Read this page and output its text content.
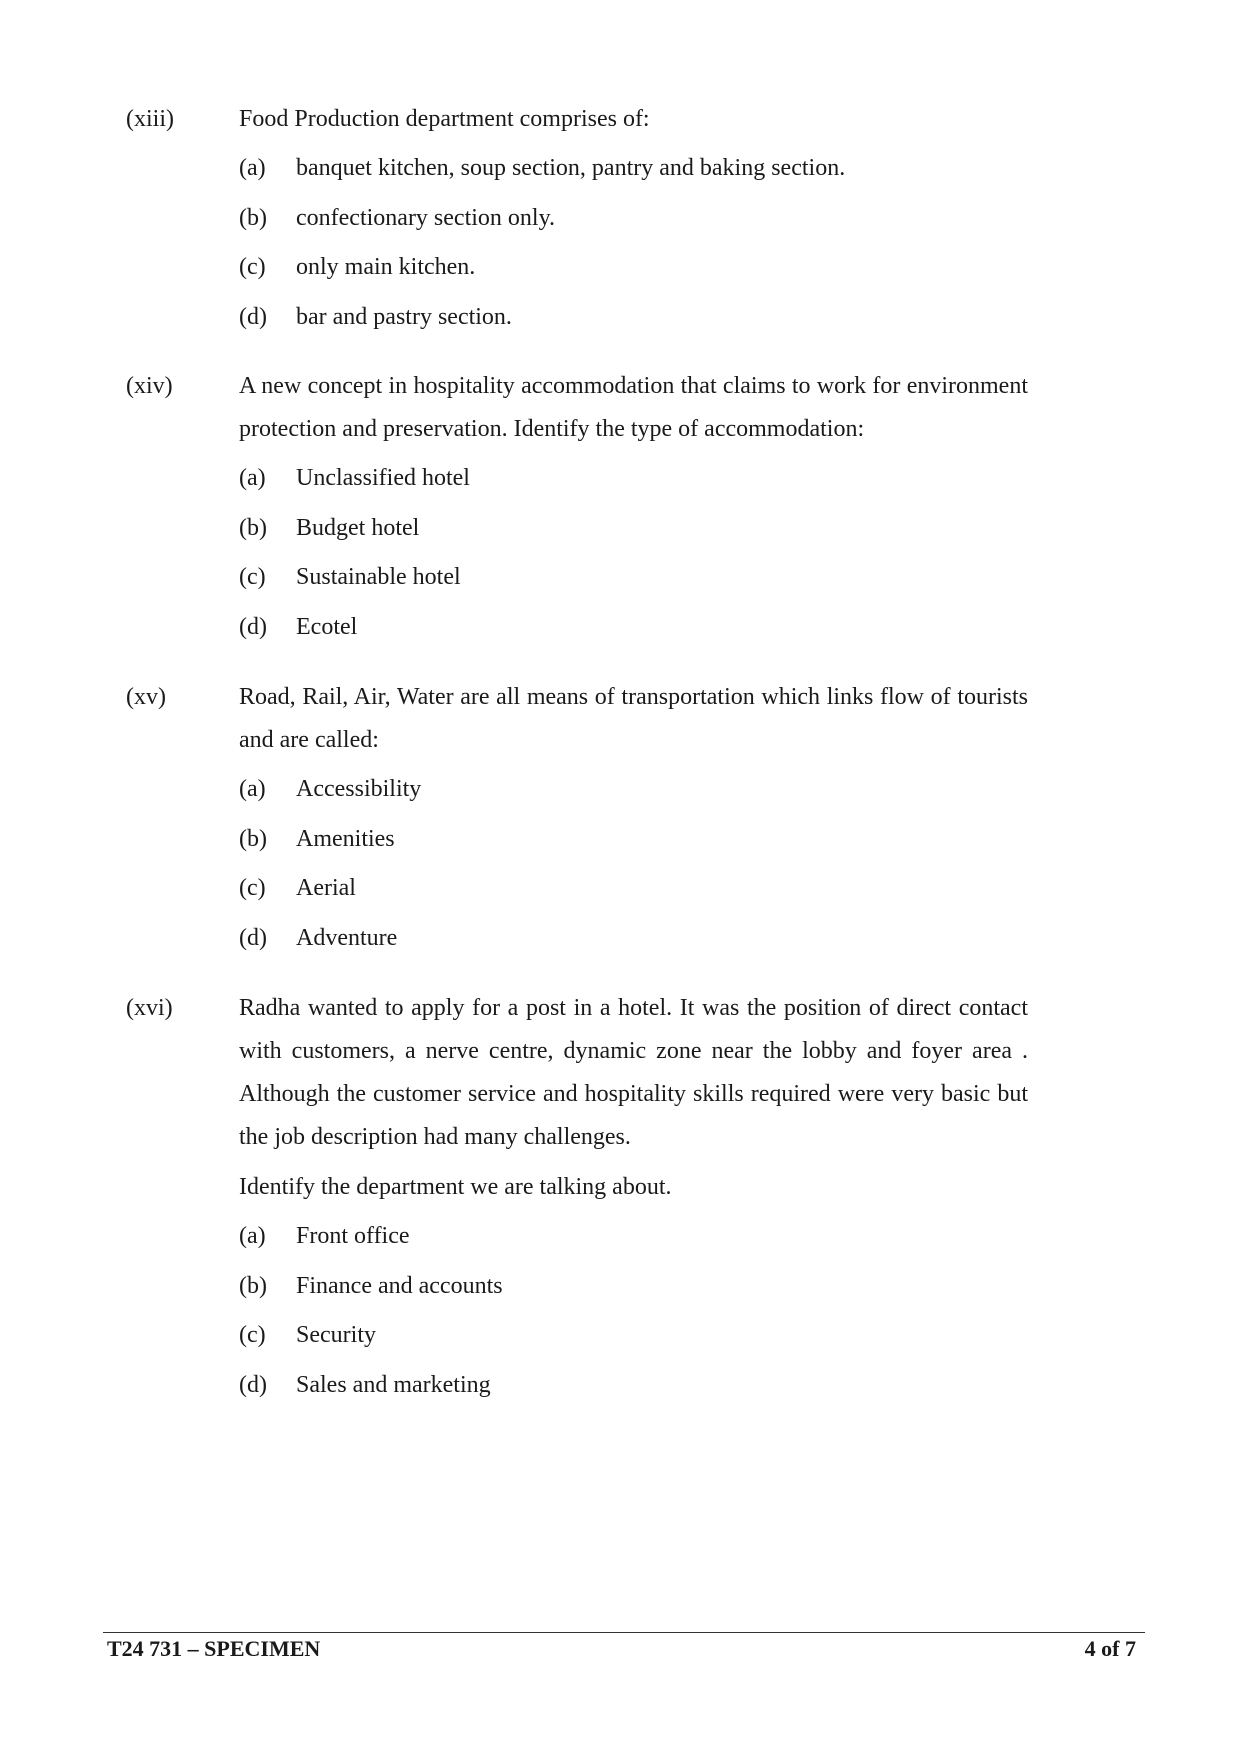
(xiii)	Food Production department comprises of:
(a)	banquet kitchen, soup section, pantry and baking section.
(b)	confectionary section only.
(c)	only main kitchen.
(d)	bar and pastry section.
(xiv)	A new concept in hospitality accommodation that claims to work for environment protection and preservation. Identify the type of accommodation:
(a)	Unclassified hotel
(b)	Budget hotel
(c)	Sustainable hotel
(d)	Ecotel
(xv)	Road, Rail, Air, Water are all means of transportation which links flow of tourists and are called:
(a)	Accessibility
(b)	Amenities
(c)	Aerial
(d)	Adventure
(xvi)	Radha wanted to apply for a post in a hotel. It was the position of direct contact with customers, a nerve centre, dynamic zone near the lobby and foyer area . Although the customer service and hospitality skills required were very basic but the job description had many challenges.
Identify the department we are talking about.
(a)	Front office
(b)	Finance and accounts
(c)	Security
(d)	Sales and marketing
T24 731 – SPECIMEN	4 of 7
